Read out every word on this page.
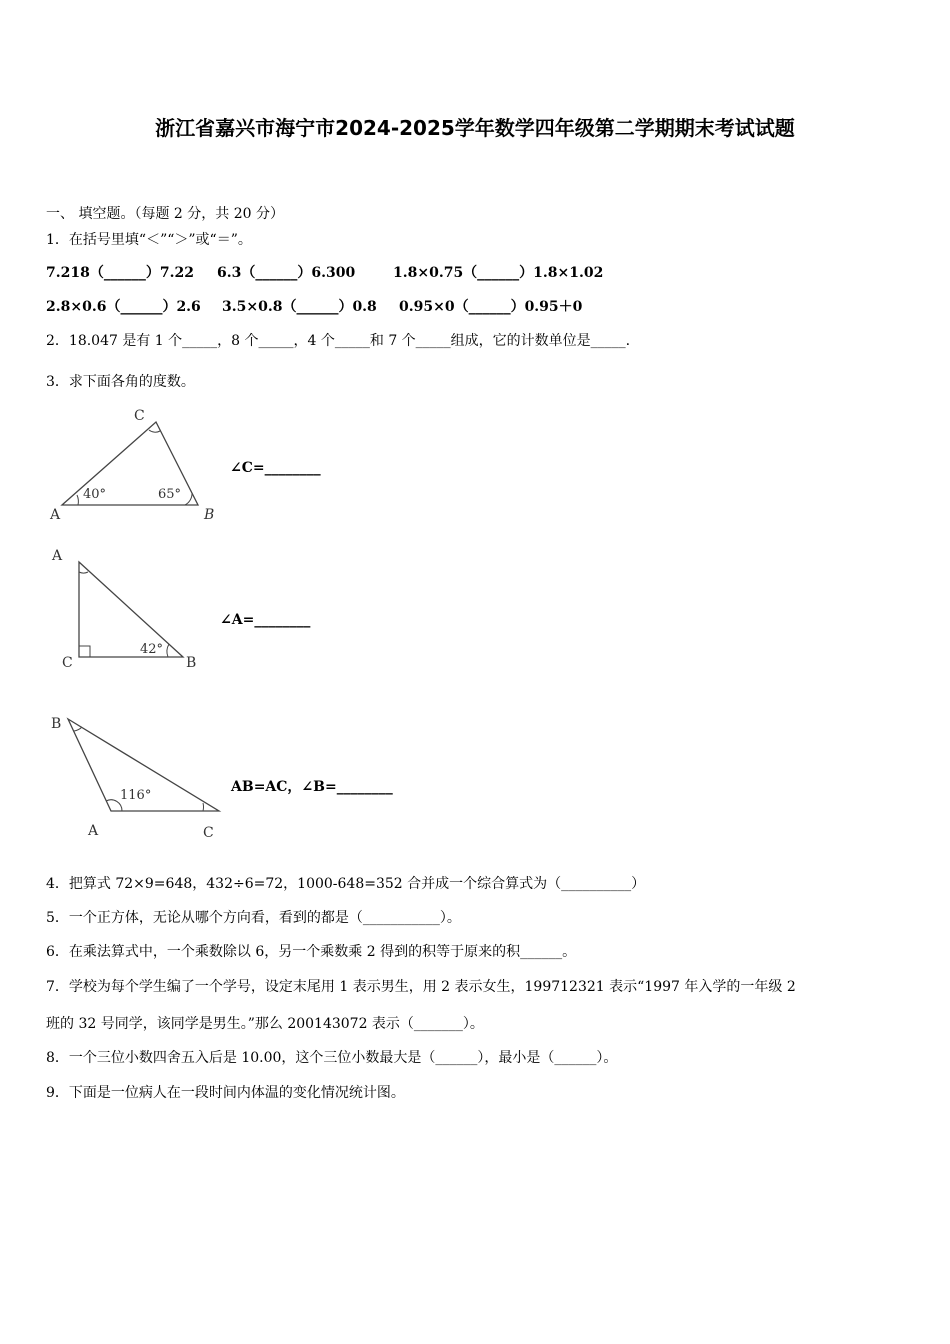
浙江省嘉兴市海宁市2024-2025学年数学四年级第二学期期末考试试题
一、 填空题。（每题 2 分，共 20 分）
1．在括号里填“＜”“＞”或“＝”。
7.218（______）7.22 6.3（______）6.300	1.8×0.75（______）1.8×1.02
2.8×0.6（______）2.6 3.5×0.8（______）0.8 0.95×0（______）0.95＋0
2．18.047 是有 1 个_____，8 个_____，4 个_____和 7 个_____组成，它的计数单位是_____.
3．求下面各角的度数。
40°	65°
A	B
C
∠C=________
42°
A
B
C
∠A=________
116°
B
A	C
AB=AC，∠B=________
4．把算式 72×9=648，432÷6=72，1000-648=352 合并成一个综合算式为（__________）
5．一个正方体，无论从哪个方向看，看到的都是（___________）。
6．在乘法算式中，一个乘数除以 6，另一个乘数乘 2 得到的积等于原来的积______。
7．学校为每个学生编了一个学号，设定末尾用 1 表示男生，用 2 表示女生，199712321 表示“1997 年入学的一年级 2
班的 32 号同学，该同学是男生。”那么 200143072 表示（_______）。
8．一个三位小数四舍五入后是 10.00，这个三位小数最大是（______），最小是（______）。
9．下面是一位病人在一段时间内体温的变化情况统计图。
